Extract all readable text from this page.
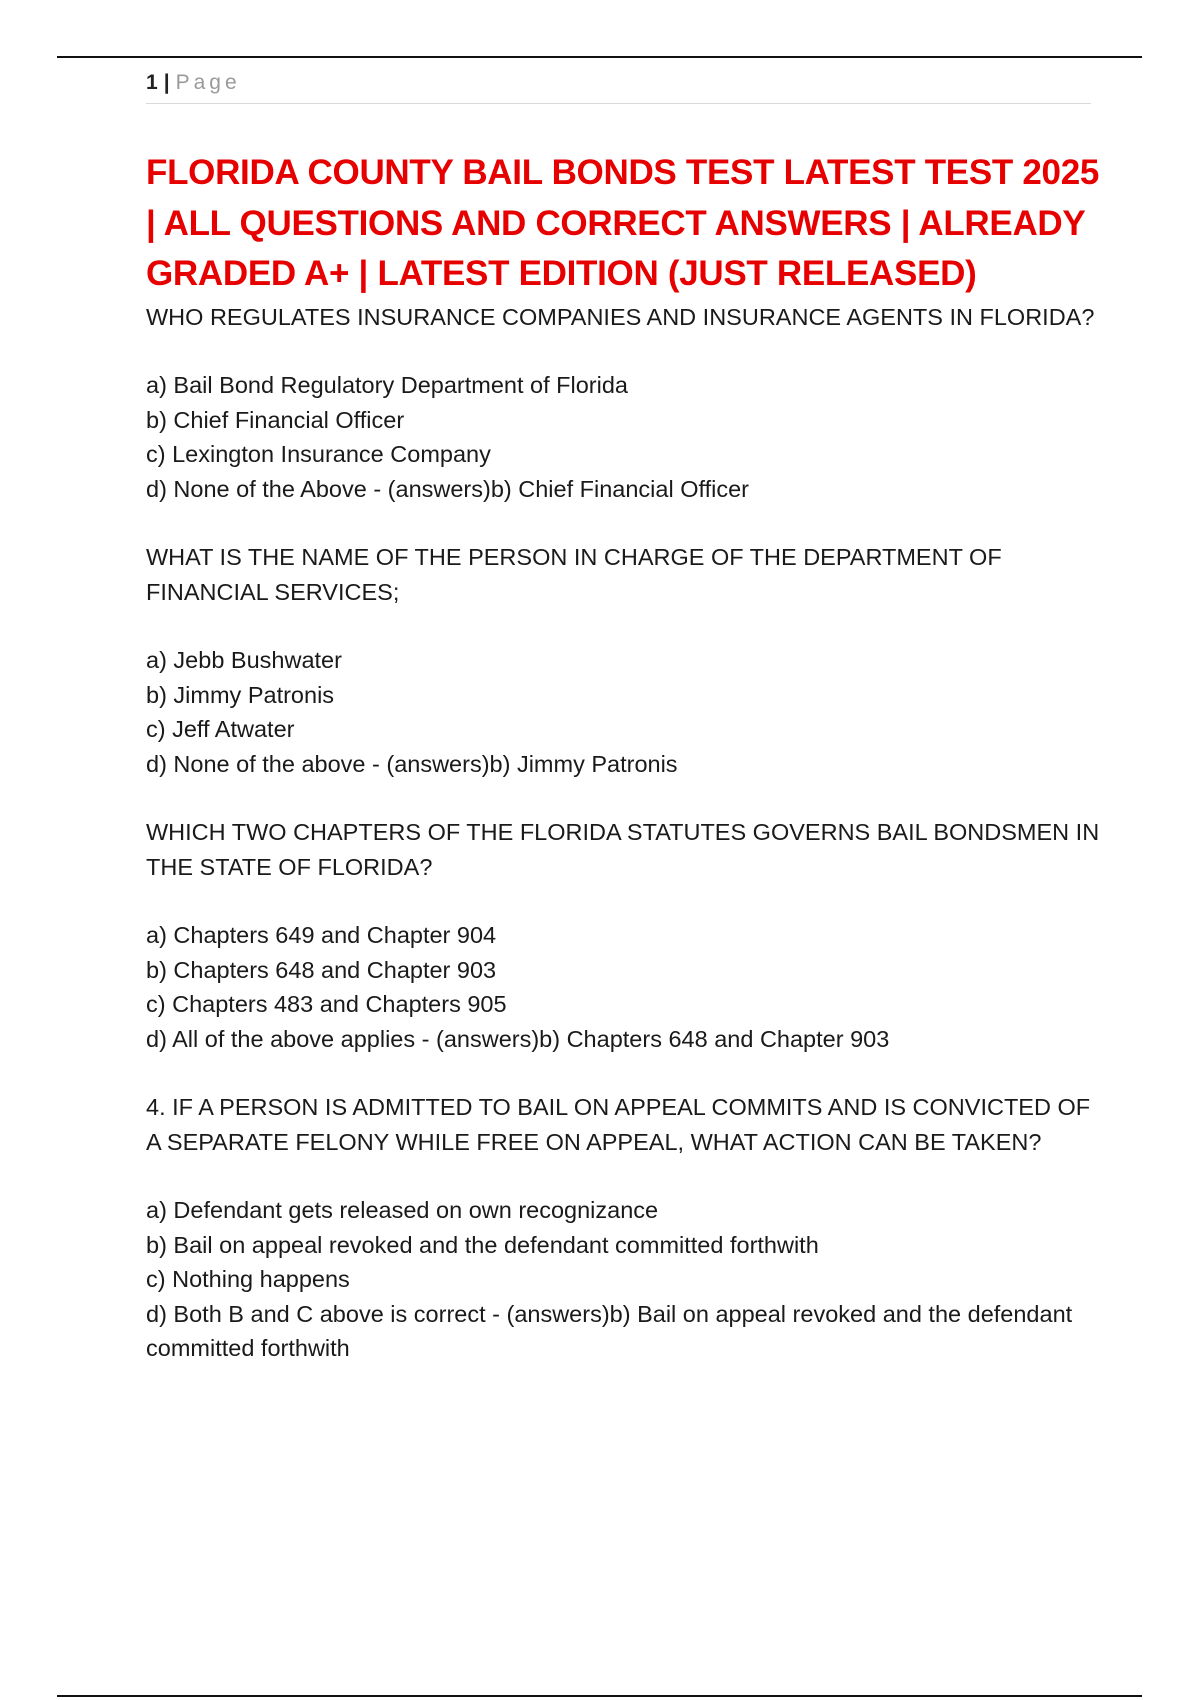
1 | Page
FLORIDA COUNTY BAIL BONDS TEST LATEST TEST 2025 | ALL QUESTIONS AND CORRECT ANSWERS | ALREADY GRADED A+ | LATEST EDITION (JUST RELEASED)

WHO REGULATES INSURANCE COMPANIES AND INSURANCE AGENTS IN FLORIDA?

a) Bail Bond Regulatory Department of Florida
b) Chief Financial Officer
c) Lexington Insurance Company
d) None of the Above - (answers)b) Chief Financial Officer

WHAT IS THE NAME OF THE PERSON IN CHARGE OF THE DEPARTMENT OF FINANCIAL SERVICES;

a) Jebb Bushwater
b) Jimmy Patronis
c) Jeff Atwater
d) None of the above - (answers)b) Jimmy Patronis

WHICH TWO CHAPTERS OF THE FLORIDA STATUTES GOVERNS BAIL BONDSMEN IN THE STATE OF FLORIDA?

a) Chapters 649 and Chapter 904
b) Chapters 648 and Chapter 903
c) Chapters 483 and Chapters 905
d) All of the above applies - (answers)b) Chapters 648 and Chapter 903

4. IF A PERSON IS ADMITTED TO BAIL ON APPEAL COMMITS AND IS CONVICTED OF A SEPARATE FELONY WHILE FREE ON APPEAL, WHAT ACTION CAN BE TAKEN?

a) Defendant gets released on own recognizance
b) Bail on appeal revoked and the defendant committed forthwith
c) Nothing happens
d) Both B and C above is correct - (answers)b) Bail on appeal revoked and the defendant committed forthwith
